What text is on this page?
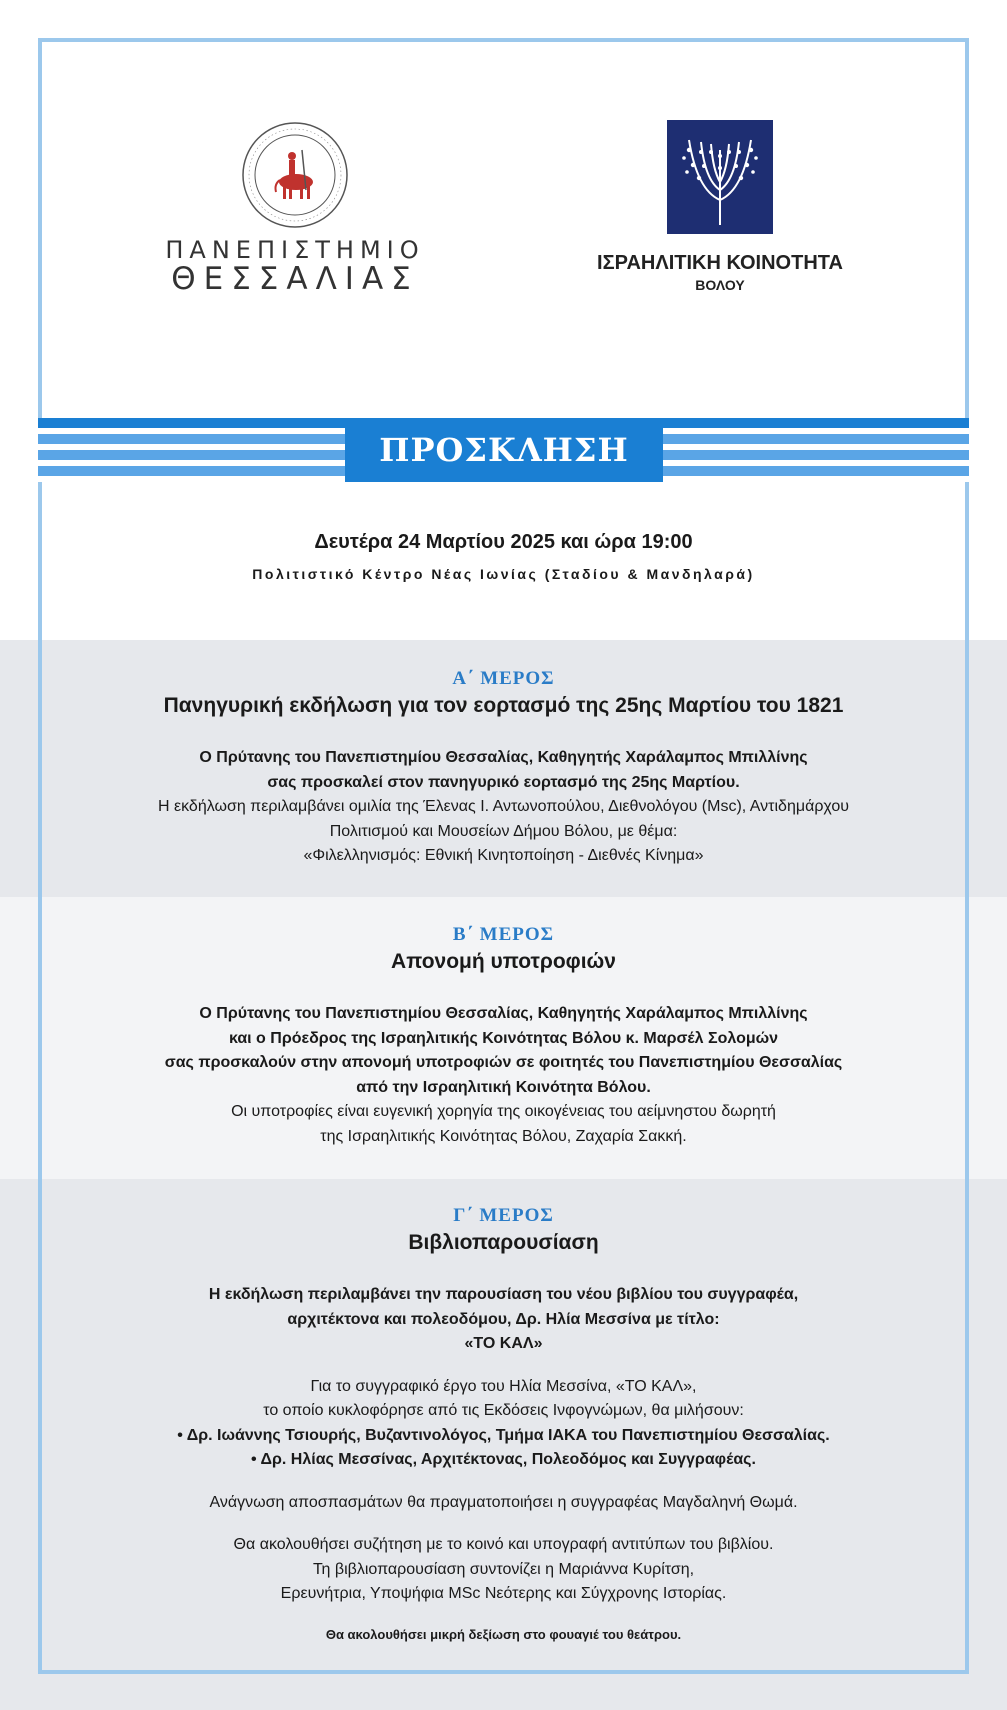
ΠΑΝΕΠΙΣΤΗΜΙΟ
ΘΕΣΣΑΛΙΑΣ	ΙΣΡΑΗΛΙΤΙΚΗ ΚΟΙΝΟΤΗΤΑ
ΒΟΛΟΥ
ΠΡΟΣΚΛΗΣΗ
Δευτέρα 24 Μαρτίου 2025 και ώρα 19:00
Πολιτιστικό Κέντρο Νέας Ιωνίας (Σταδίου & Μανδηλαρά)
Α΄ ΜΕΡΟΣ
Πανηγυρική εκδήλωση για τον εορτασμό της 25ης Μαρτίου του 1821
Ο Πρύτανης του Πανεπιστημίου Θεσσαλίας, Καθηγητής Χαράλαμπος Μπιλλίνης
σας προσκαλεί στον πανηγυρικό εορτασμό της 25ης Μαρτίου.
Η εκδήλωση περιλαμβάνει ομιλία της Έλενας Ι. Αντωνοπούλου, Διεθνολόγου (Msc), Αντιδημάρχου
Πολιτισμού και Μουσείων Δήμου Βόλου, με θέμα:
«Φιλελληνισμός: Εθνική Κινητοποίηση - Διεθνές Κίνημα»
Β΄ ΜΕΡΟΣ
Απονομή υποτροφιών
Ο Πρύτανης του Πανεπιστημίου Θεσσαλίας, Καθηγητής Χαράλαμπος Μπιλλίνης
και ο Πρόεδρος της Ισραηλιτικής Κοινότητας Βόλου κ. Μαρσέλ Σολομών
σας προσκαλούν στην απονομή υποτροφιών σε φοιτητές του Πανεπιστημίου Θεσσαλίας
από την Ισραηλιτική Κοινότητα Βόλου.
Οι υποτροφίες είναι ευγενική χορηγία της οικογένειας του αείμνηστου δωρητή
της Ισραηλιτικής Κοινότητας Βόλου, Ζαχαρία Σακκή.
Γ΄ ΜΕΡΟΣ
Βιβλιοπαρουσίαση
Η εκδήλωση περιλαμβάνει την παρουσίαση του νέου βιβλίου του συγγραφέα,
αρχιτέκτονα και πολεοδόμου, Δρ. Ηλία Μεσσίνα με τίτλο:
«ΤΟ ΚΑΛ»
Για το συγγραφικό έργο του Ηλία Μεσσίνα, «ΤΟ ΚΑΛ»,
το οποίο κυκλοφόρησε από τις Εκδόσεις Ινφογνώμων, θα μιλήσουν:
• Δρ. Ιωάννης Τσιουρής, Βυζαντινολόγος, Τμήμα ΙΑΚΑ του Πανεπιστημίου Θεσσαλίας.
• Δρ. Ηλίας Μεσσίνας, Αρχιτέκτονας, Πολεοδόμος και Συγγραφέας.
Ανάγνωση αποσπασμάτων θα πραγματοποιήσει η συγγραφέας Μαγδαληνή Θωμά.
Θα ακολουθήσει συζήτηση με το κοινό και υπογραφή αντιτύπων του βιβλίου.
Τη βιβλιοπαρουσίαση συντονίζει η Μαριάννα Κυρίτση,
Ερευνήτρια, Υποψήφια MSc Νεότερης και Σύγχρονης Ιστορίας.
Θα ακολουθήσει μικρή δεξίωση στο φουαγιέ του θεάτρου.
